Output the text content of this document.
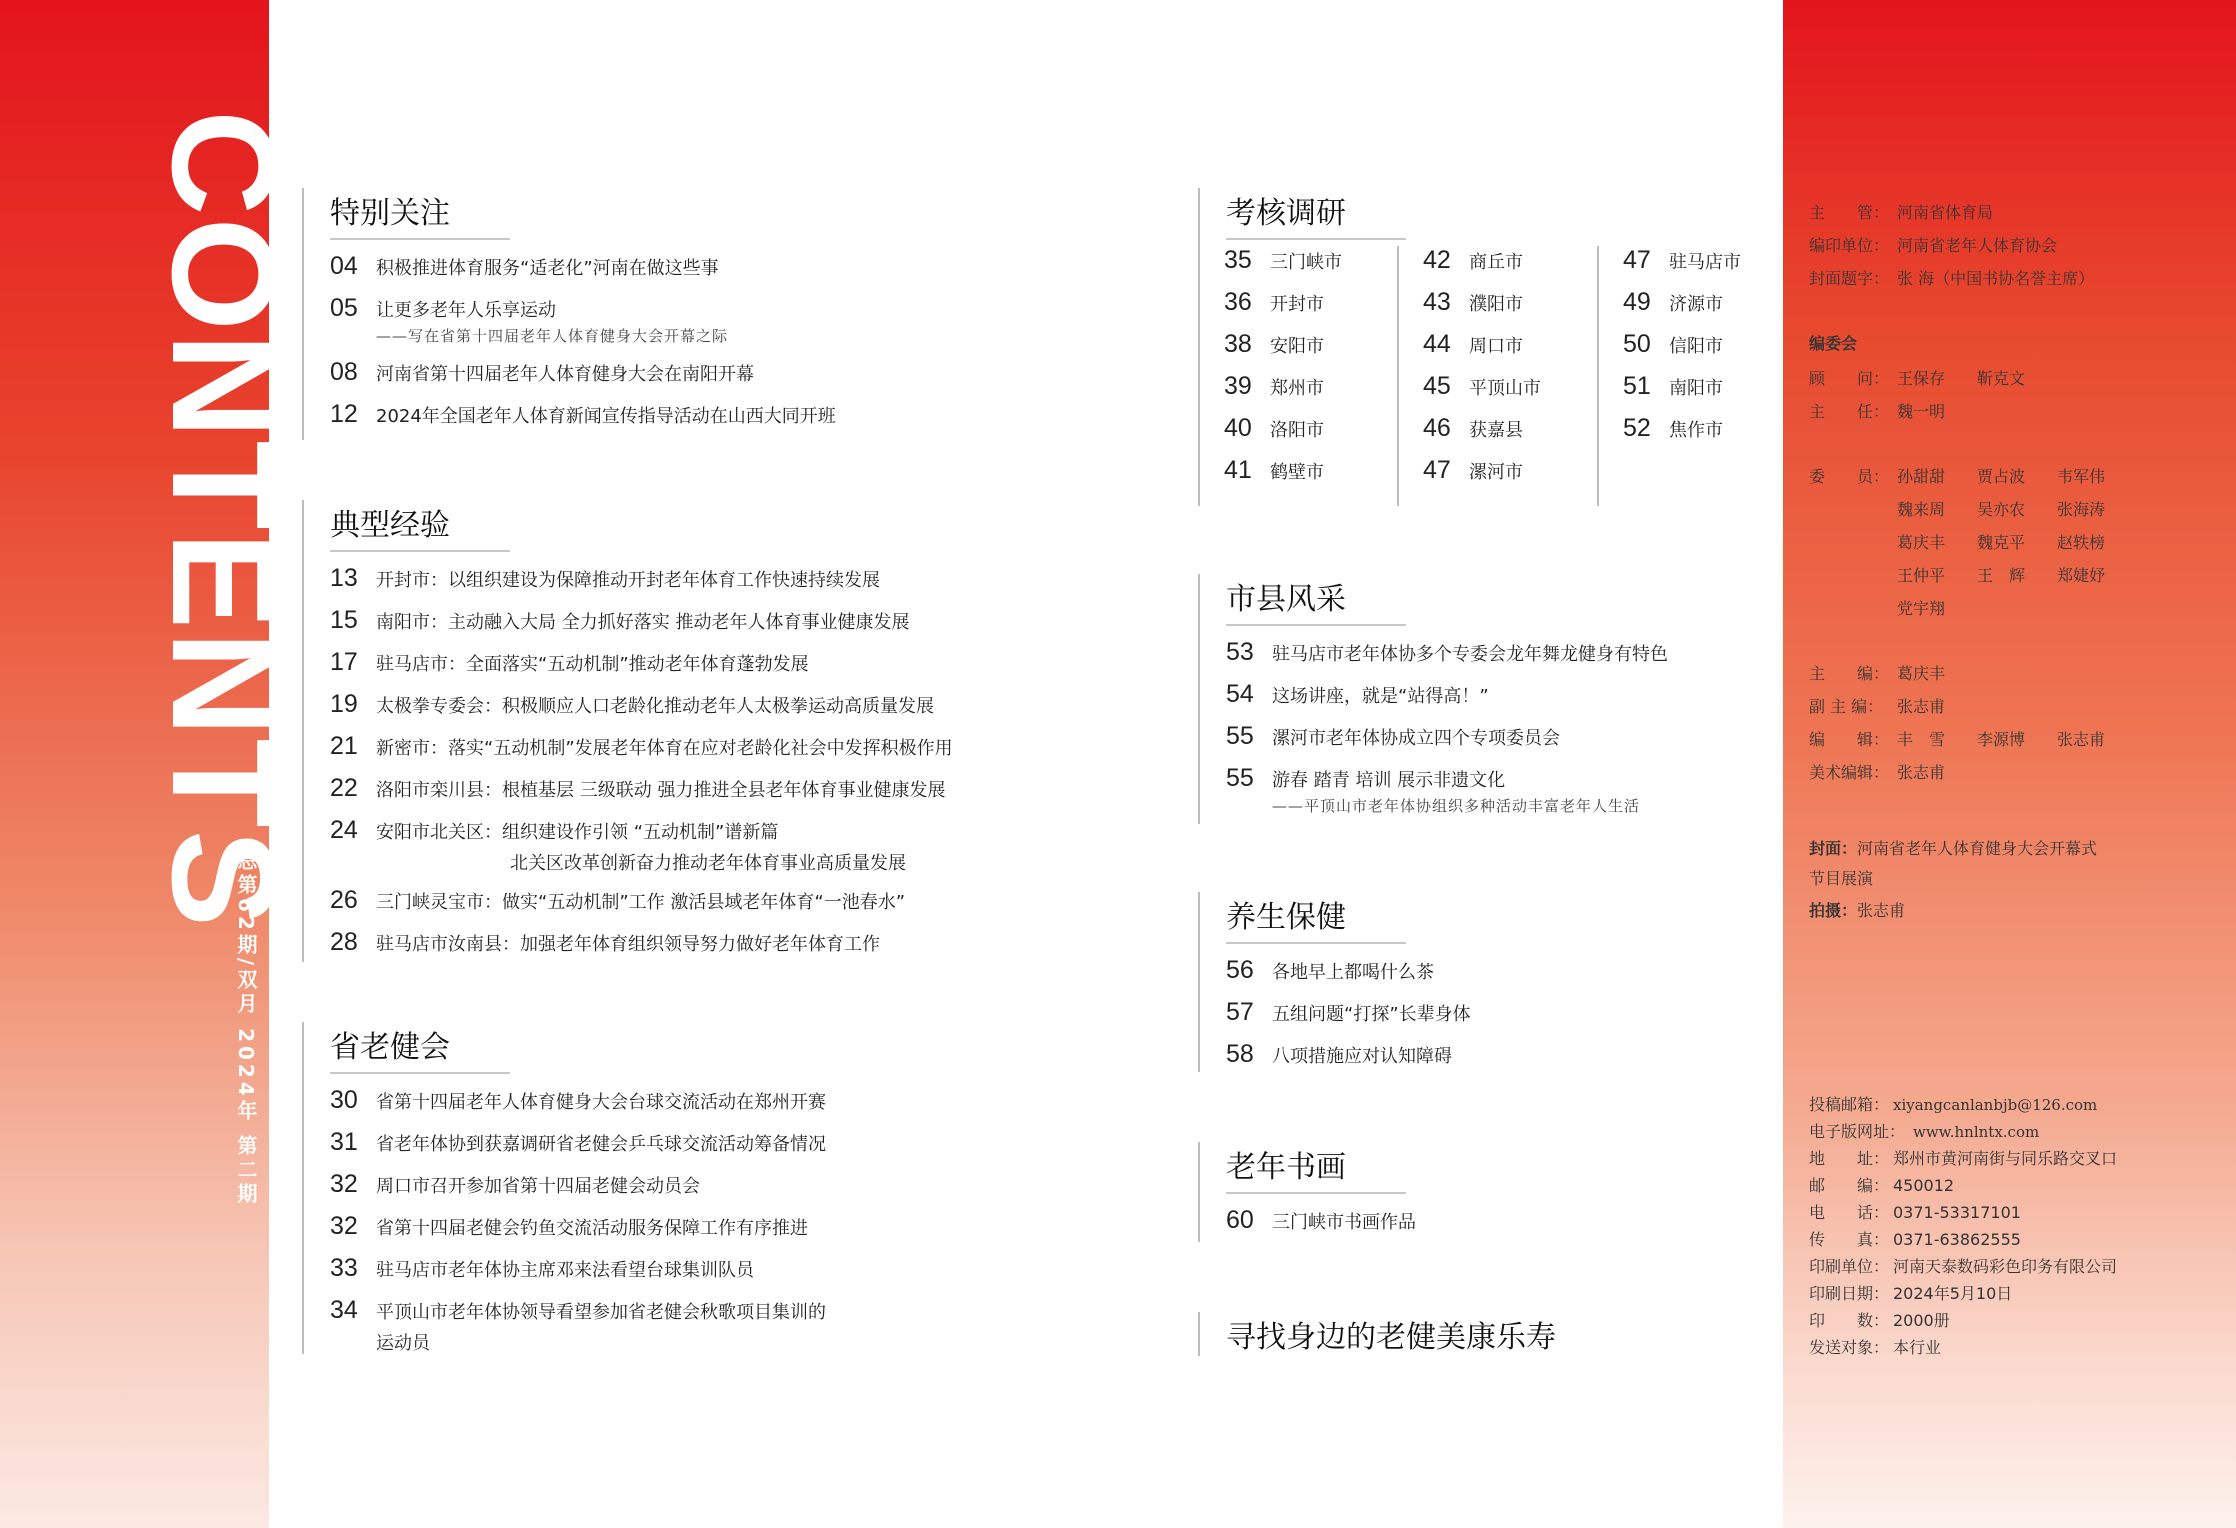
CONTENTS
总第62期/双月 2024年 第二期
特别关注
04 积极推进体育服务“适老化”河南在做这些事
05 让更多老年人乐享运动
——写在省第十四届老年人体育健身大会开幕之际
08 河南省第十四届老年人体育健身大会在南阳开幕
12 2024年全国老年人体育新闻宣传指导活动在山西大同开班
典型经验
13 开封市：以组织建设为保障推动开封老年体育工作快速持续发展
15 南阳市：主动融入大局 全力抓好落实 推动老年人体育事业健康发展
17 驻马店市：全面落实“五动机制”推动老年体育蓬勃发展
19 太极拳专委会：积极顺应人口老龄化推动老年人太极拳运动高质量发展
21 新密市：落实“五动机制”发展老年体育在应对老龄化社会中发挥积极作用
22 洛阳市栾川县：根植基层 三级联动 强力推进全县老年体育事业健康发展
24 安阳市北关区：组织建设作引领 “五动机制”谱新篇
北关区改革创新奋力推动老年体育事业高质量发展
26 三门峡灵宝市：做实“五动机制”工作 激活县域老年体育“一池春水”
28 驻马店市汝南县：加强老年体育组织领导努力做好老年体育工作
省老健会
30 省第十四届老年人体育健身大会台球交流活动在郑州开赛
31 省老年体协到获嘉调研省老健会乒乓球交流活动筹备情况
32 周口市召开参加省第十四届老健会动员会
32 省第十四届老健会钓鱼交流活动服务保障工作有序推进
33 驻马店市老年体协主席邓来法看望台球集训队员
34 平顶山市老年体协领导看望参加省老健会秋歌项目集训的
运动员
考核调研
35 三门峡市
36 开封市
38 安阳市
39 郑州市
40 洛阳市
41 鹤壁市
42 商丘市
43 濮阳市
44 周口市
45 平顶山市
46 获嘉县
47 漯河市
47 驻马店市
49 济源市
50 信阳市
51 南阳市
52 焦作市
市县风采
53 驻马店市老年体协多个专委会龙年舞龙健身有特色
54 这场讲座，就是“站得高！”
55 漯河市老年体协成立四个专项委员会
55 游春 踏青 培训 展示非遗文化
——平顶山市老年体协组织多种活动丰富老年人生活
养生保健
56 各地早上都喝什么茶
57 五组问题“打探”长辈身体
58 八项措施应对认知障碍
老年书画
60 三门峡市书画作品
寻找身边的老健美康乐寿
主　　管： 河南省体育局
编印单位： 河南省老年人体育协会
封面题字： 张 海（中国书协名誉主席）
编委会
顾　　问： 王保存　　靳克文
主　　任： 魏一明
委　　员： 孙甜甜　　贾占波　　韦军伟
魏来周　　吴亦农　　张海涛
葛庆丰　　魏克平　　赵轶榜
王仲平　　王　辉　　郑婕妤
党宇翔
主　　编： 葛庆丰
副 主 编： 张志甫
编　　辑： 丰　雪　　李源博　　张志甫
美术编辑： 张志甫
封面：河南省老年人体育健身大会开幕式
节目展演
拍摄：张志甫
投稿邮箱： xiyangcanlanbjb@126.com
电子版网址： www.hnlntx.com
地　　址： 郑州市黄河南街与同乐路交叉口
邮　　编： 450012
电　　话： 0371-53317101
传　　真： 0371-63862555
印刷单位： 河南天泰数码彩色印务有限公司
印刷日期： 2024年5月10日
印　　数： 2000册
发送对象： 本行业
